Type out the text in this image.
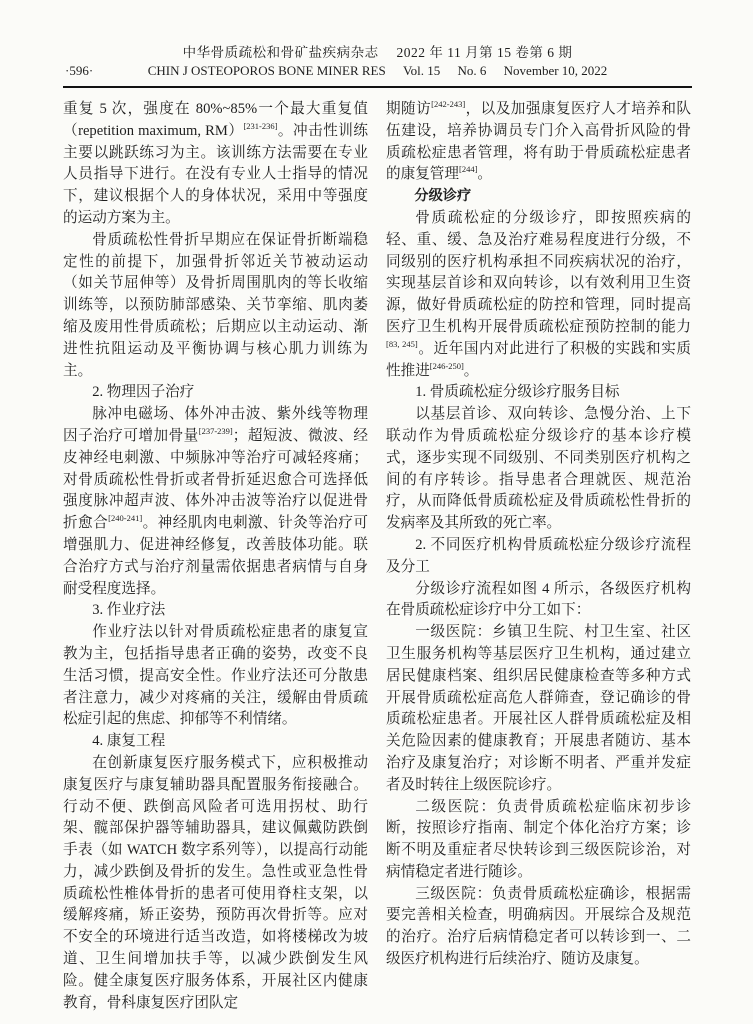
中华骨质疏松和骨矿盐疾病杂志 2022 年 11 月第 15 卷第 6 期
·596·	CHIN J OSTEOPOROS BONE MINER RES Vol. 15 No. 6 November 10, 2022

重复 5 次，强度在 80%~85%一个最大重复值（repetition maximum, RM）[231-236]。冲击性训练主要以跳跃练习为主。该训练方法需要在专业人员指导下进行。在没有专业人士指导的情况下，建议根据个人的身体状况，采用中等强度的运动方案为主。

骨质疏松性骨折早期应在保证骨折断端稳定性的前提下，加强骨折邻近关节被动运动（如关节屈伸等）及骨折周围肌肉的等长收缩训练等，以预防肺部感染、关节挛缩、肌肉萎缩及废用性骨质疏松；后期应以主动运动、渐进性抗阻运动及平衡协调与核心肌力训练为主。

2. 物理因子治疗

脉冲电磁场、体外冲击波、紫外线等物理因子治疗可增加骨量[237-239]；超短波、微波、经皮神经电刺激、中频脉冲等治疗可减轻疼痛；对骨质疏松性骨折或者骨折延迟愈合可选择低强度脉冲超声波、体外冲击波等治疗以促进骨折愈合[240-241]。神经肌肉电刺激、针灸等治疗可增强肌力、促进神经修复，改善肢体功能。联合治疗方式与治疗剂量需依据患者病情与自身耐受程度选择。

3. 作业疗法

作业疗法以针对骨质疏松症患者的康复宣教为主，包括指导患者正确的姿势，改变不良生活习惯，提高安全性。作业疗法还可分散患者注意力，减少对疼痛的关注，缓解由骨质疏松症引起的焦虑、抑郁等不利情绪。

4. 康复工程

在创新康复医疗服务模式下，应积极推动康复医疗与康复辅助器具配置服务衔接融合。行动不便、跌倒高风险者可选用拐杖、助行架、髋部保护器等辅助器具，建议佩戴防跌倒手表（如 WATCH 数字系列等），以提高行动能力，减少跌倒及骨折的发生。急性或亚急性骨质疏松性椎体骨折的患者可使用脊柱支架，以缓解疼痛，矫正姿势，预防再次骨折等。应对不安全的环境进行适当改造，如将楼梯改为坡道、卫生间增加扶手等，以减少跌倒发生风险。健全康复医疗服务体系，开展社区内健康教育，骨科康复医疗团队定

期随访[242-243]，以及加强康复医疗人才培养和队伍建设，培养协调员专门介入高骨折风险的骨质疏松症患者管理，将有助于骨质疏松症患者的康复管理[244]。

分级诊疗

骨质疏松症的分级诊疗，即按照疾病的轻、重、缓、急及治疗难易程度进行分级，不同级别的医疗机构承担不同疾病状况的治疗，实现基层首诊和双向转诊，以有效利用卫生资源，做好骨质疏松症的防控和管理，同时提高医疗卫生机构开展骨质疏松症预防控制的能力[83, 245]。近年国内对此进行了积极的实践和实质性推进[246-250]。

1. 骨质疏松症分级诊疗服务目标

以基层首诊、双向转诊、急慢分治、上下联动作为骨质疏松症分级诊疗的基本诊疗模式，逐步实现不同级别、不同类别医疗机构之间的有序转诊。指导患者合理就医、规范治疗，从而降低骨质疏松症及骨质疏松性骨折的发病率及其所致的死亡率。

2. 不同医疗机构骨质疏松症分级诊疗流程及分工

分级诊疗流程如图 4 所示，各级医疗机构在骨质疏松症诊疗中分工如下：

一级医院：乡镇卫生院、村卫生室、社区卫生服务机构等基层医疗卫生机构，通过建立居民健康档案、组织居民健康检查等多种方式开展骨质疏松症高危人群筛查，登记确诊的骨质疏松症患者。开展社区人群骨质疏松症及相关危险因素的健康教育；开展患者随访、基本治疗及康复治疗；对诊断不明者、严重并发症者及时转往上级医院诊疗。

二级医院：负责骨质疏松症临床初步诊断，按照诊疗指南、制定个体化治疗方案；诊断不明及重症者尽快转诊到三级医院诊治，对病情稳定者进行随诊。

三级医院：负责骨质疏松症确诊，根据需要完善相关检查，明确病因。开展综合及规范的治疗。治疗后病情稳定者可以转诊到一、二级医疗机构进行后续治疗、随访及康复。
